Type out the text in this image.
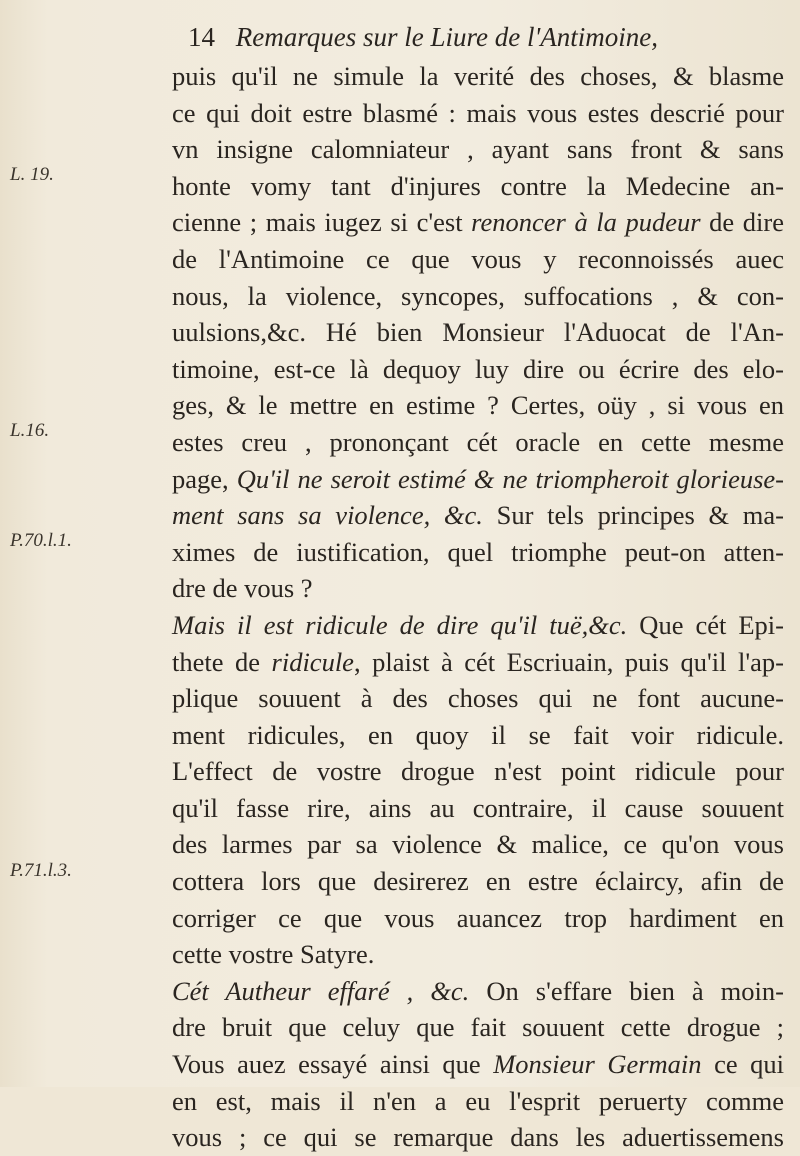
14 Remarques sur le Liure de l'Antimoine,
L. 19.
L.16.
P.70.l.1.
P.71.l.3.
puis qu'il ne simule la verité des choses, & blasme
ce qui doit estre blasmé : mais vous estes descrié pour
vn insigne calomniateur , ayant sans front & sans
honte vomy tant d'injures contre la Medecine an-
cienne ; mais iugez si c'est renoncer à la pudeur de dire
de l'Antimoine ce que vous y reconnoissés auec
nous, la violence, syncopes, suffocations , & con-
uulsions,&c. Hé bien Monsieur l'Aduocat de l'An-
timoine, est-ce là dequoy luy dire ou écrire des elo-
ges, & le mettre en estime ? Certes, oüy , si vous en
estes creu , prononçant cét oracle en cette mesme
page, Qu'il ne seroit estimé & ne triompheroit glorieuse-
ment sans sa violence, &c. Sur tels principes & ma-
ximes de iustification, quel triomphe peut-on atten-
dre de vous ?
Mais il est ridicule de dire qu'il tuë,&c. Que cét Epi-
thete de ridicule, plaist à cét Escriuain, puis qu'il l'ap-
plique souuent à des choses qui ne font aucune-
ment ridicules, en quoy il se fait voir ridicule.
L'effect de vostre drogue n'est point ridicule pour
qu'il fasse rire, ains au contraire, il cause souuent
des larmes par sa violence & malice, ce qu'on vous
cottera lors que desirerez en estre éclaircy, afin de
corriger ce que vous auancez trop hardiment en
cette vostre Satyre.
Cét Autheur effaré , &c. On s'effare bien à moin-
dre bruit que celuy que fait souuent cette drogue ;
Vous auez essayé ainsi que Monsieur Germain ce qui
en est, mais il n'en a eu l'esprit peruerty comme
vous ; ce qui se remarque dans les aduertissemens
